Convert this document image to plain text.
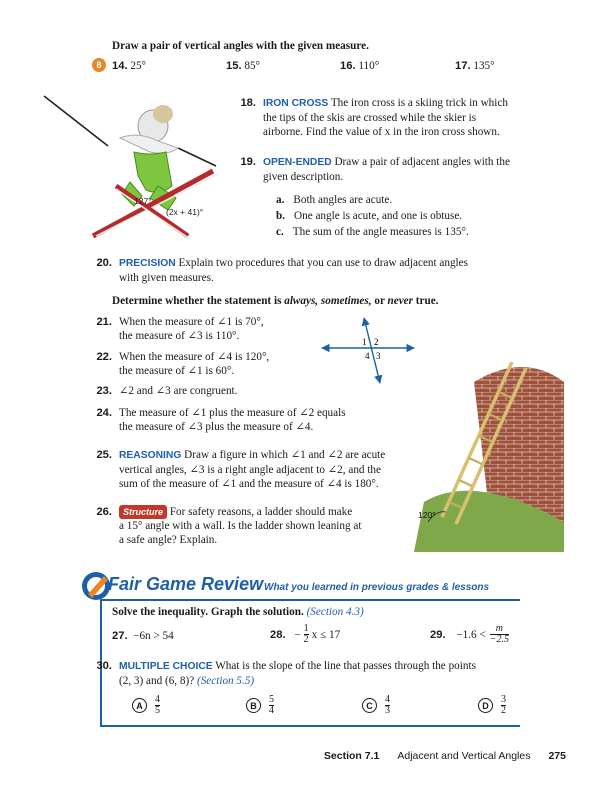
Draw a pair of vertical angles with the given measure.
8 14. 25°	15. 85°	16. 110°	17. 135°
127°
(2x + 41)°
18. IRON CROSS The iron cross is a skiing trick in which
the tips of the skis are crossed while the skier is
airborne. Find the value of x in the iron cross shown.
19. OPEN-ENDED Draw a pair of adjacent angles with the
given description.
a. Both angles are acute.
b. One angle is acute, and one is obtuse.
c. The sum of the angle measures is 135°.
20. PRECISION Explain two procedures that you can use to draw adjacent angles
with given measures.
Determine whether the statement is always, sometimes, or never true.
21. When the measure of ∠1 is 70°,
the measure of ∠3 is 110°.
22. When the measure of ∠4 is 120°,
the measure of ∠1 is 60°.
23. ∠2 and ∠3 are congruent.
24. The measure of ∠1 plus the measure of ∠2 equals
the measure of ∠3 plus the measure of ∠4.
1 2
4 3
25. REASONING Draw a figure in which ∠1 and ∠2 are acute
vertical angles, ∠3 is a right angle adjacent to ∠2, and the
sum of the measure of ∠1 and the measure of ∠4 is 180°.
26.	Structure For safety reasons, a ladder should make
a 15° angle with a wall. Is the ladder shown leaning at
a safe angle? Explain.
120°
Fair Game Review What you learned in previous grades & lessons
Solve the inequality. Graph the solution. (Section 4.3)
27. −6n > 54	28.
− $\frac{1}{2}$ x ≤ 17	29.
$-1.6 < \frac{m}{-2.5}$
30. MULTIPLE CHOICE What is the slope of the line that passes through the points
(2, 3) and (6, 8)? (Section 5.5)
A	$\frac{4}{5}$	B	$\frac{5}{4}$	C	$\frac{4}{3}$	D	$\frac{3}{2}$
Section 7.1 Adjacent and Vertical Angles 275
